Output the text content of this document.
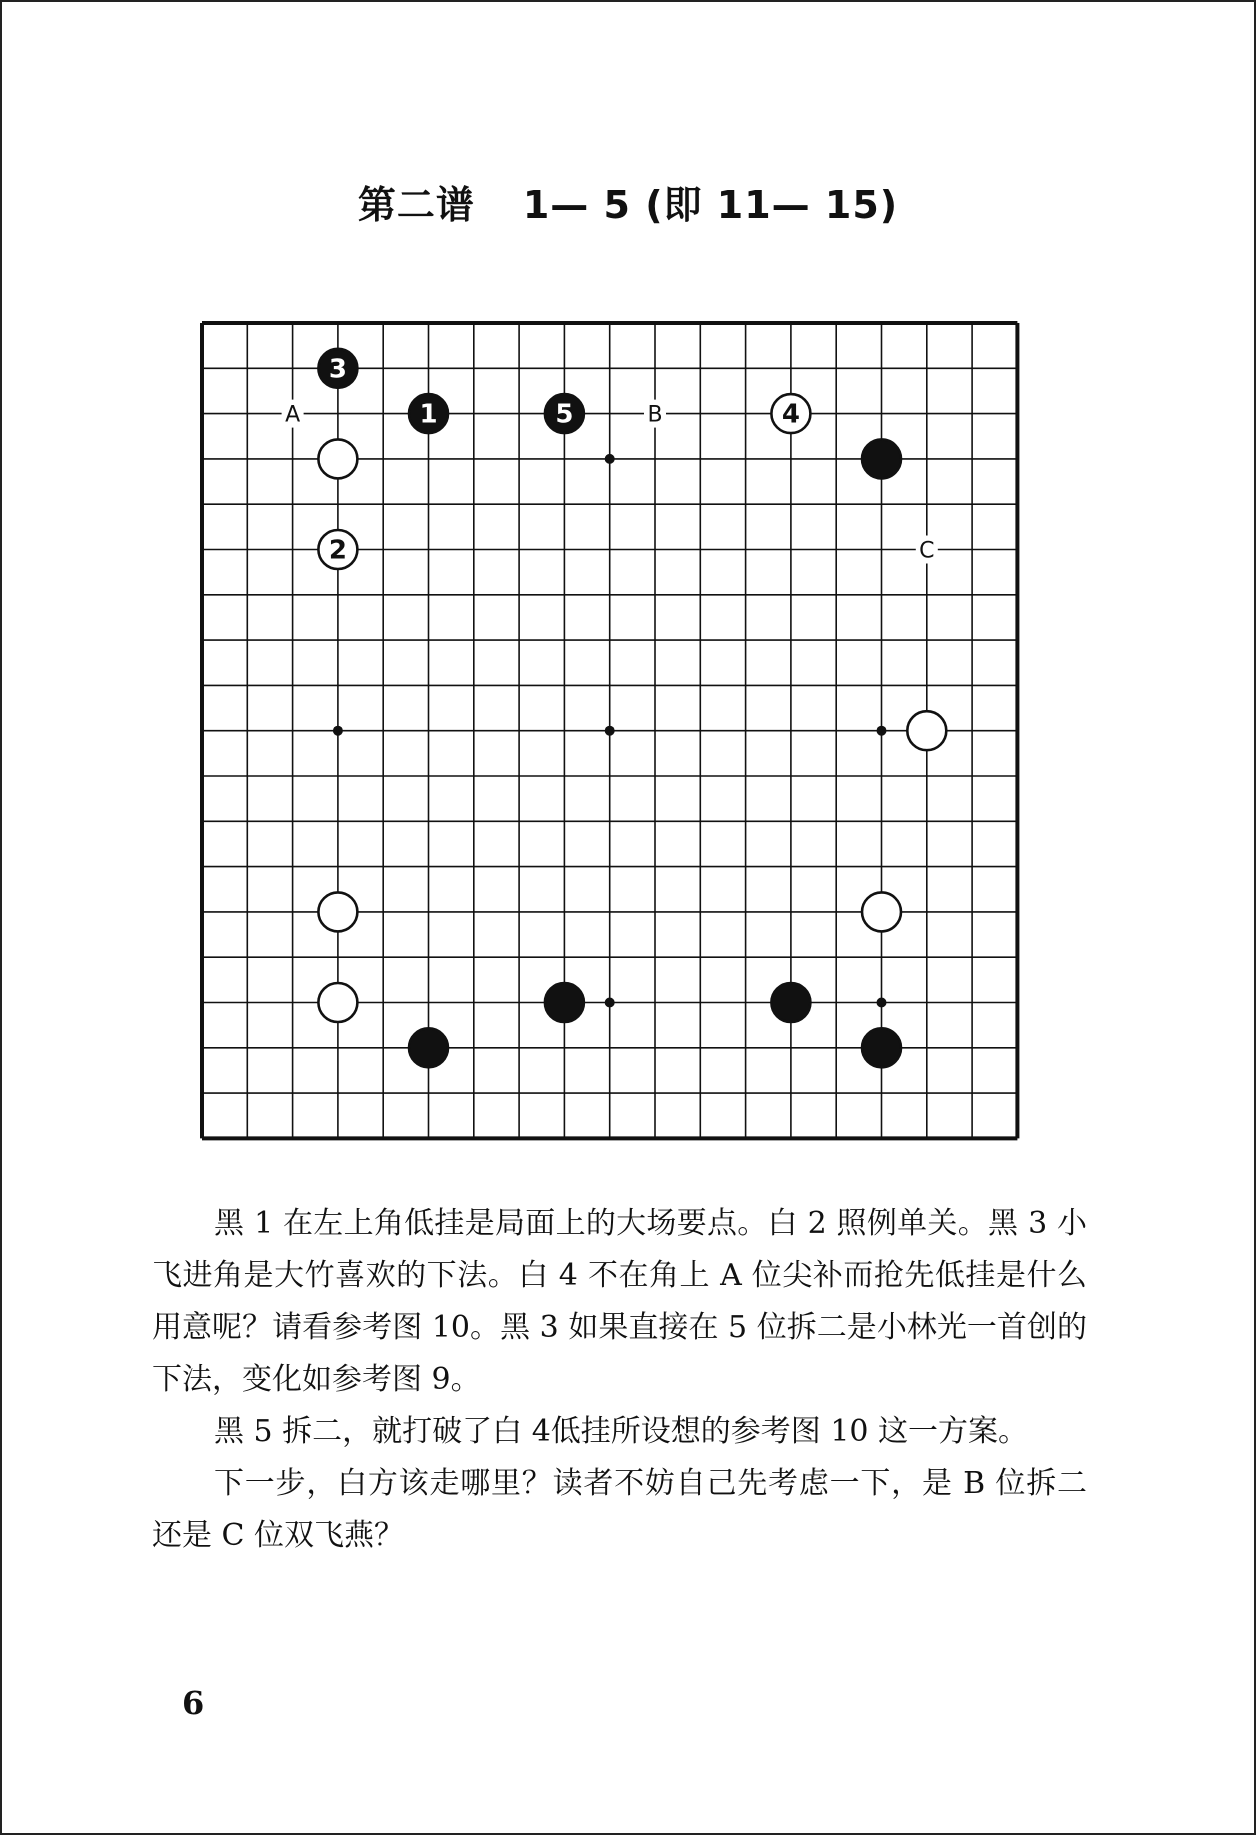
第二谱 1— 5 (即 11— 15)
A	B
C
3
1	5	4
2

黑 1 在左上角低挂是局面上的大场要点。白 2 照例单关。黑 3 小飞进角是大竹喜欢的下法。白 4 不在角上 A 位尖补而抢先低挂是什么用意呢？请看参考图 10。黑 3 如果直接在 5 位拆二是小林光一首创的下法，变化如参考图 9。

黑 5 拆二，就打破了白 4低挂所设想的参考图 10 这一方案。

下一步，白方该走哪里？读者不妨自己先考虑一下，是 B 位拆二还是 C 位双飞燕？

6
